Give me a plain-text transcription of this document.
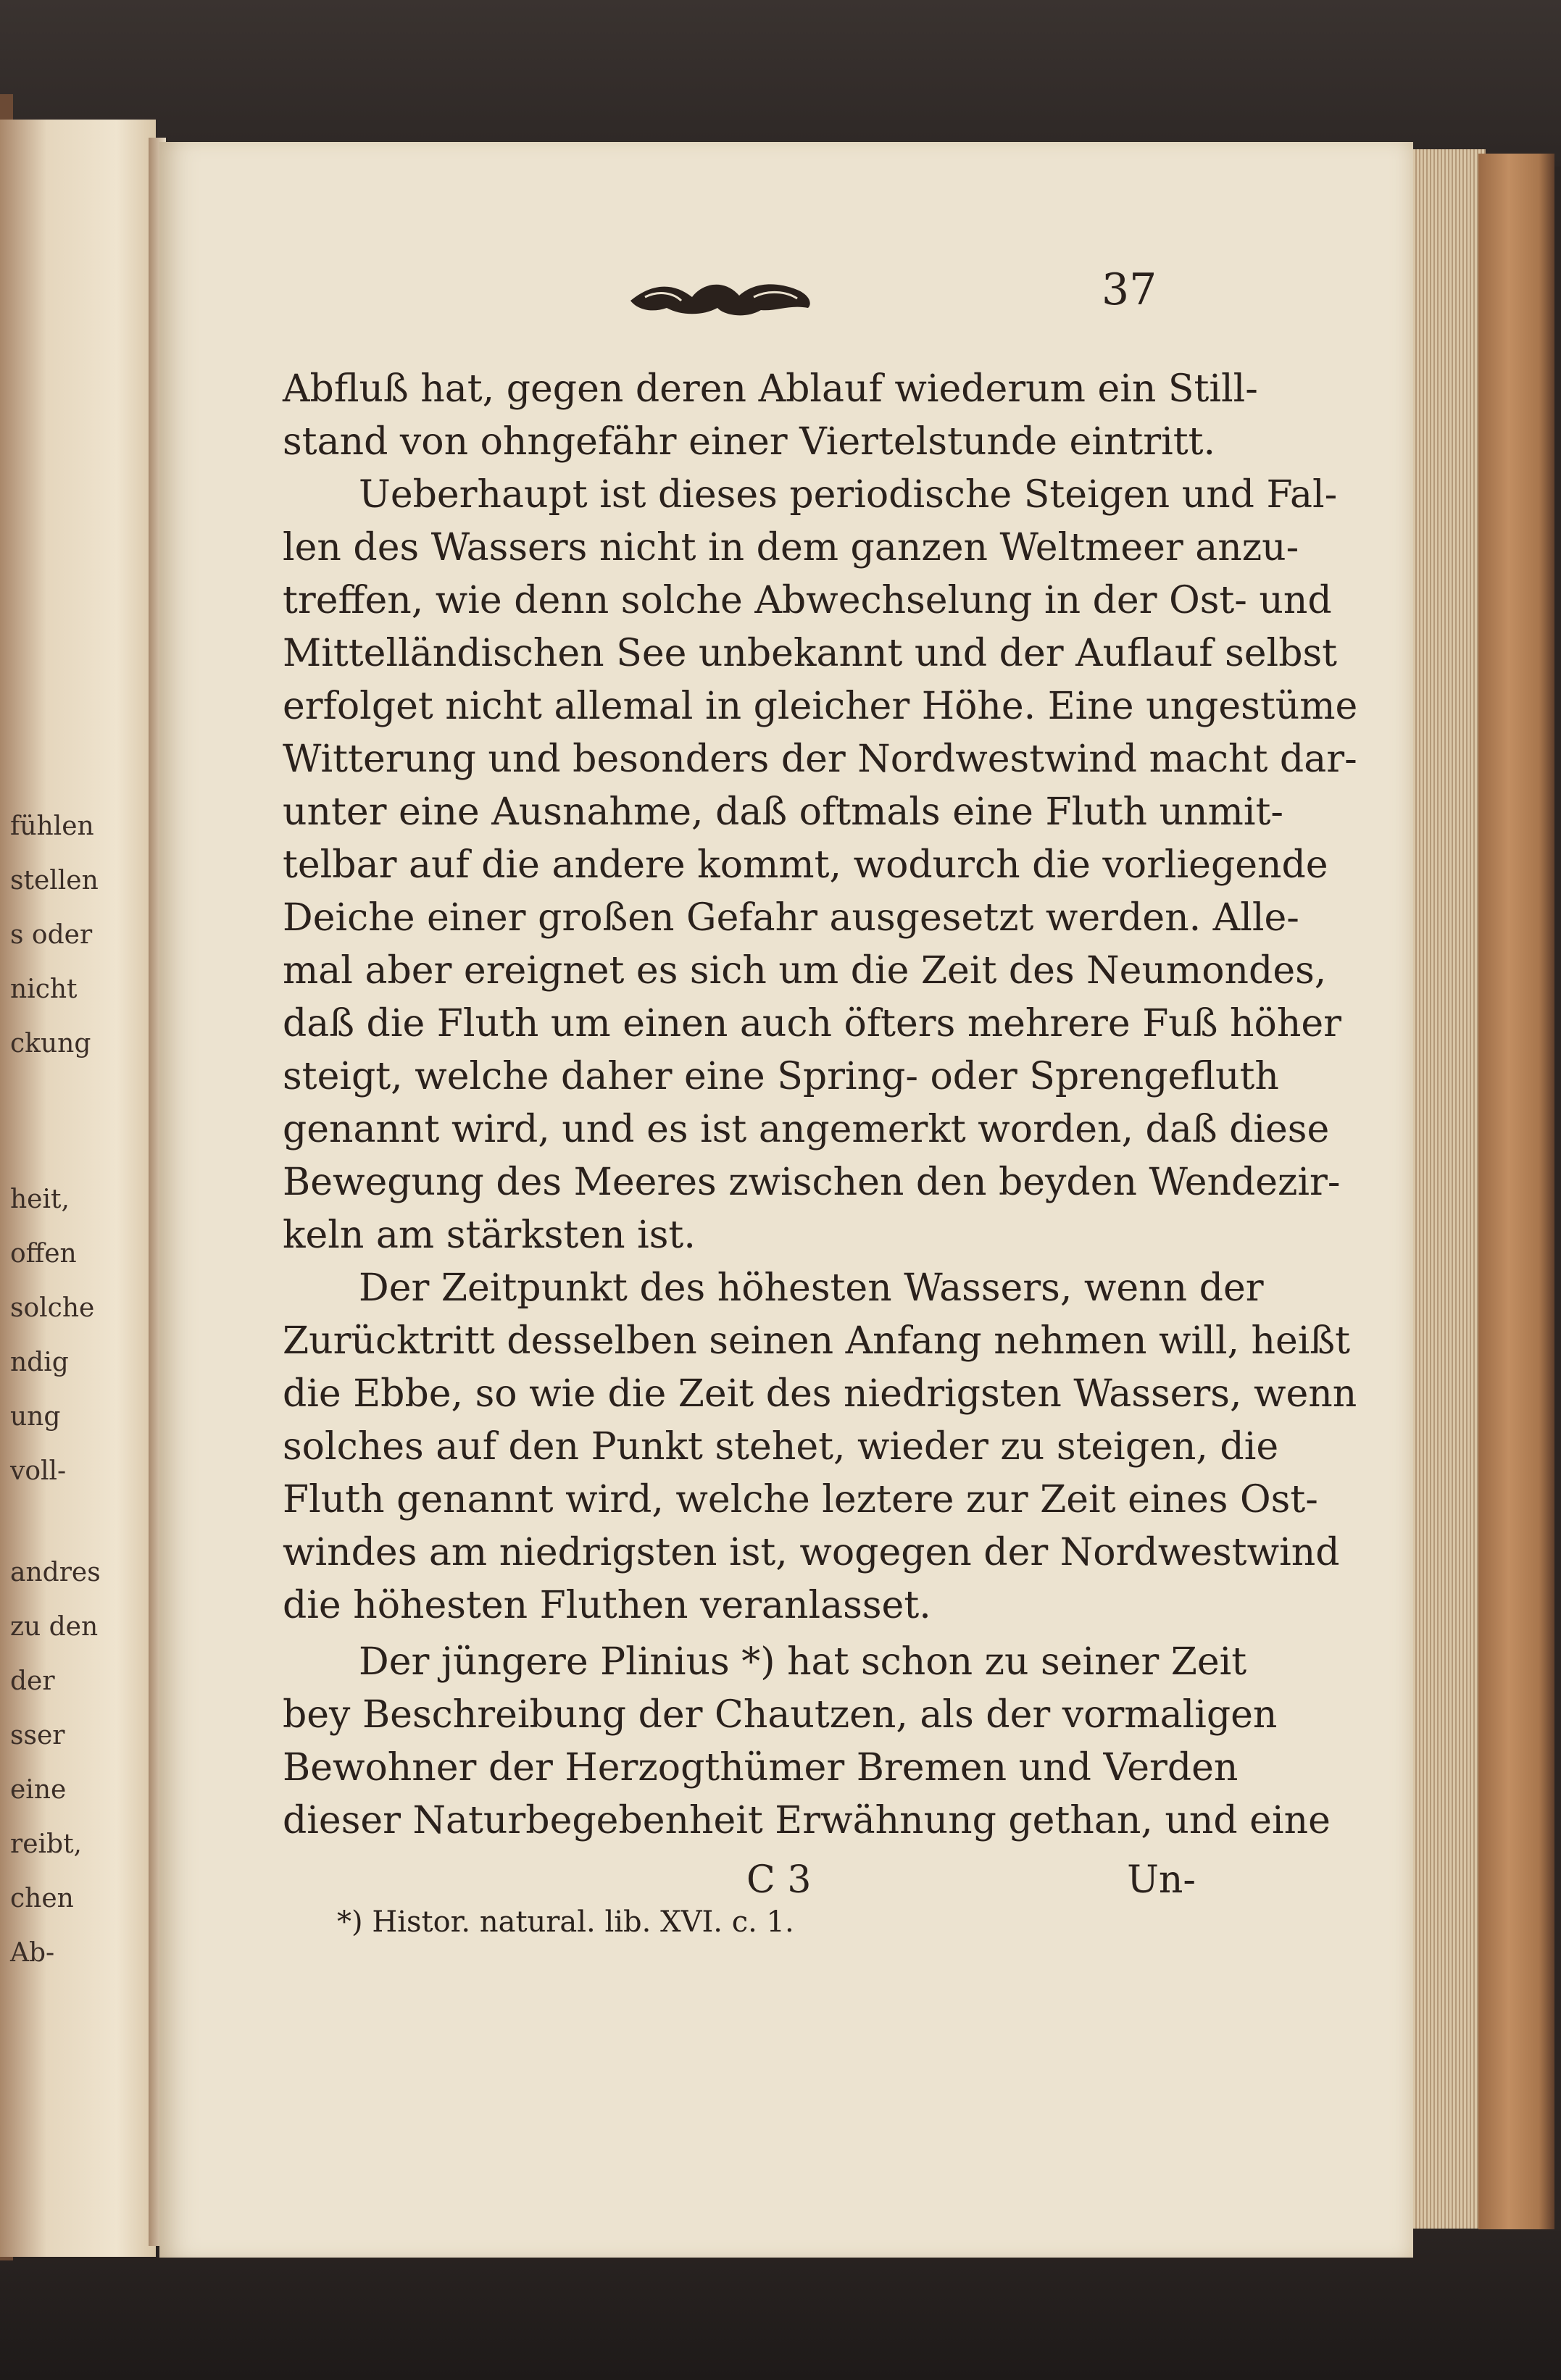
fühlen
stellen
s oder
nicht
ckung
heit,
offen
solche
ndig
ung
voll-
andres
zu den
der
sser
eine
reibt,
chen
Ab-
37
Abfluß hat, gegen deren Ablauf wiederum ein Still-
stand von ohngefähr einer Viertelstunde eintritt.
Ueberhaupt ist dieses periodische Steigen und Fal-
len des Wassers nicht in dem ganzen Weltmeer anzu-
treffen, wie denn solche Abwechselung in der Ost- und
Mittelländischen See unbekannt und der Auflauf selbst
erfolget nicht allemal in gleicher Höhe. Eine ungestüme
Witterung und besonders der Nordwestwind macht dar-
unter eine Ausnahme, daß oftmals eine Fluth unmit-
telbar auf die andere kommt, wodurch die vorliegende
Deiche einer großen Gefahr ausgesetzt werden. Alle-
mal aber ereignet es sich um die Zeit des Neumondes,
daß die Fluth um einen auch öfters mehrere Fuß höher
steigt, welche daher eine Spring- oder Sprengefluth
genannt wird, und es ist angemerkt worden, daß diese
Bewegung des Meeres zwischen den beyden Wendezir-
keln am stärksten ist.
Der Zeitpunkt des höhesten Wassers, wenn der
Zurücktritt desselben seinen Anfang nehmen will, heißt
die Ebbe, so wie die Zeit des niedrigsten Wassers, wenn
solches auf den Punkt stehet, wieder zu steigen, die
Fluth genannt wird, welche leztere zur Zeit eines Ost-
windes am niedrigsten ist, wogegen der Nordwestwind
die höhesten Fluthen veranlasset.
Der jüngere Plinius *) hat schon zu seiner Zeit
bey Beschreibung der Chautzen, als der vormaligen
Bewohner der Herzogthümer Bremen und Verden
dieser Naturbegebenheit Erwähnung gethan, und eine
C 3	Un-
*) Histor. natural. lib. XVI. c. 1.
